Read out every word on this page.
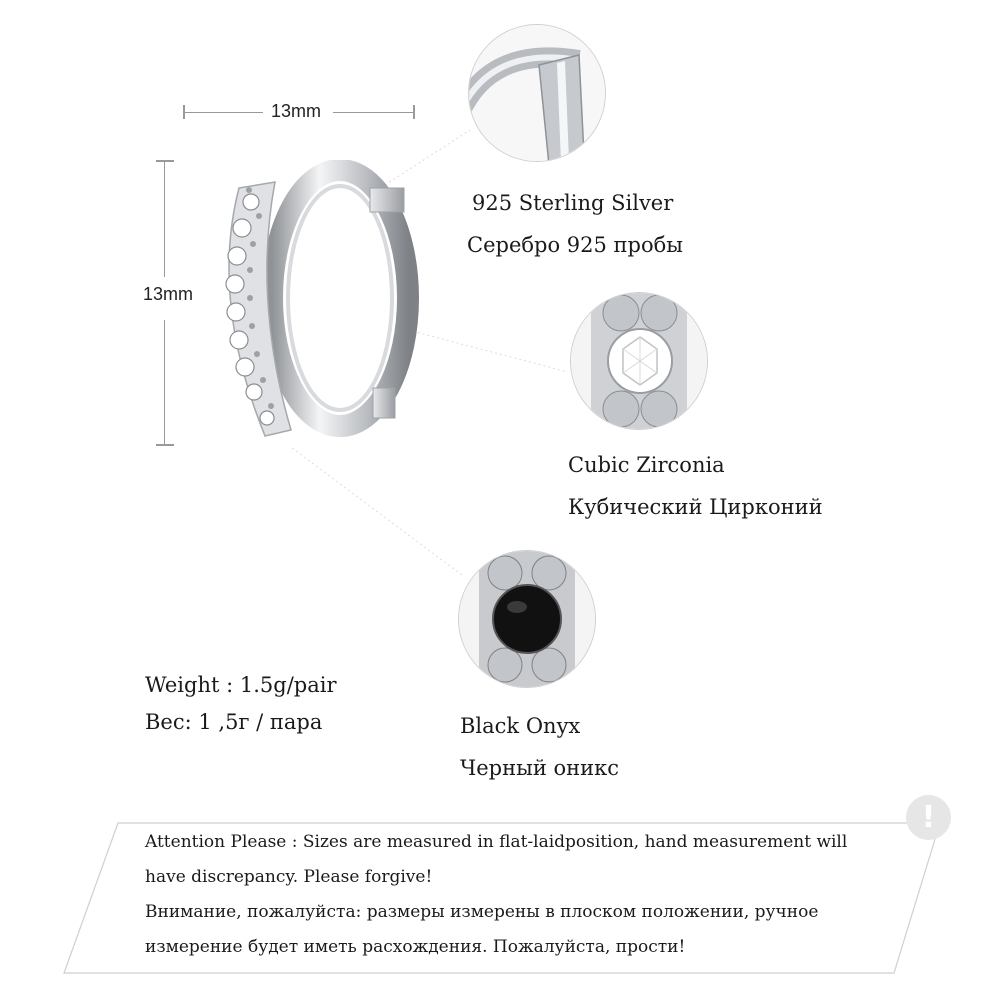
13mm
13mm
925 Sterling Silver
Серебро 925 пробы
Cubic Zirconia
Кубический Цирконий
Weight : 1.5g/pair
Вес: 1 ,5г / пара	Black Onyx
Черный оникс
!
Attention Please : Sizes are measured in flat-laidposition, hand measurement will
have discrepancy. Please forgive!
Внимание, пожалуйста: размеры измерены в плоском положении, ручное
измерение будет иметь расхождения. Пожалуйста, прости!
